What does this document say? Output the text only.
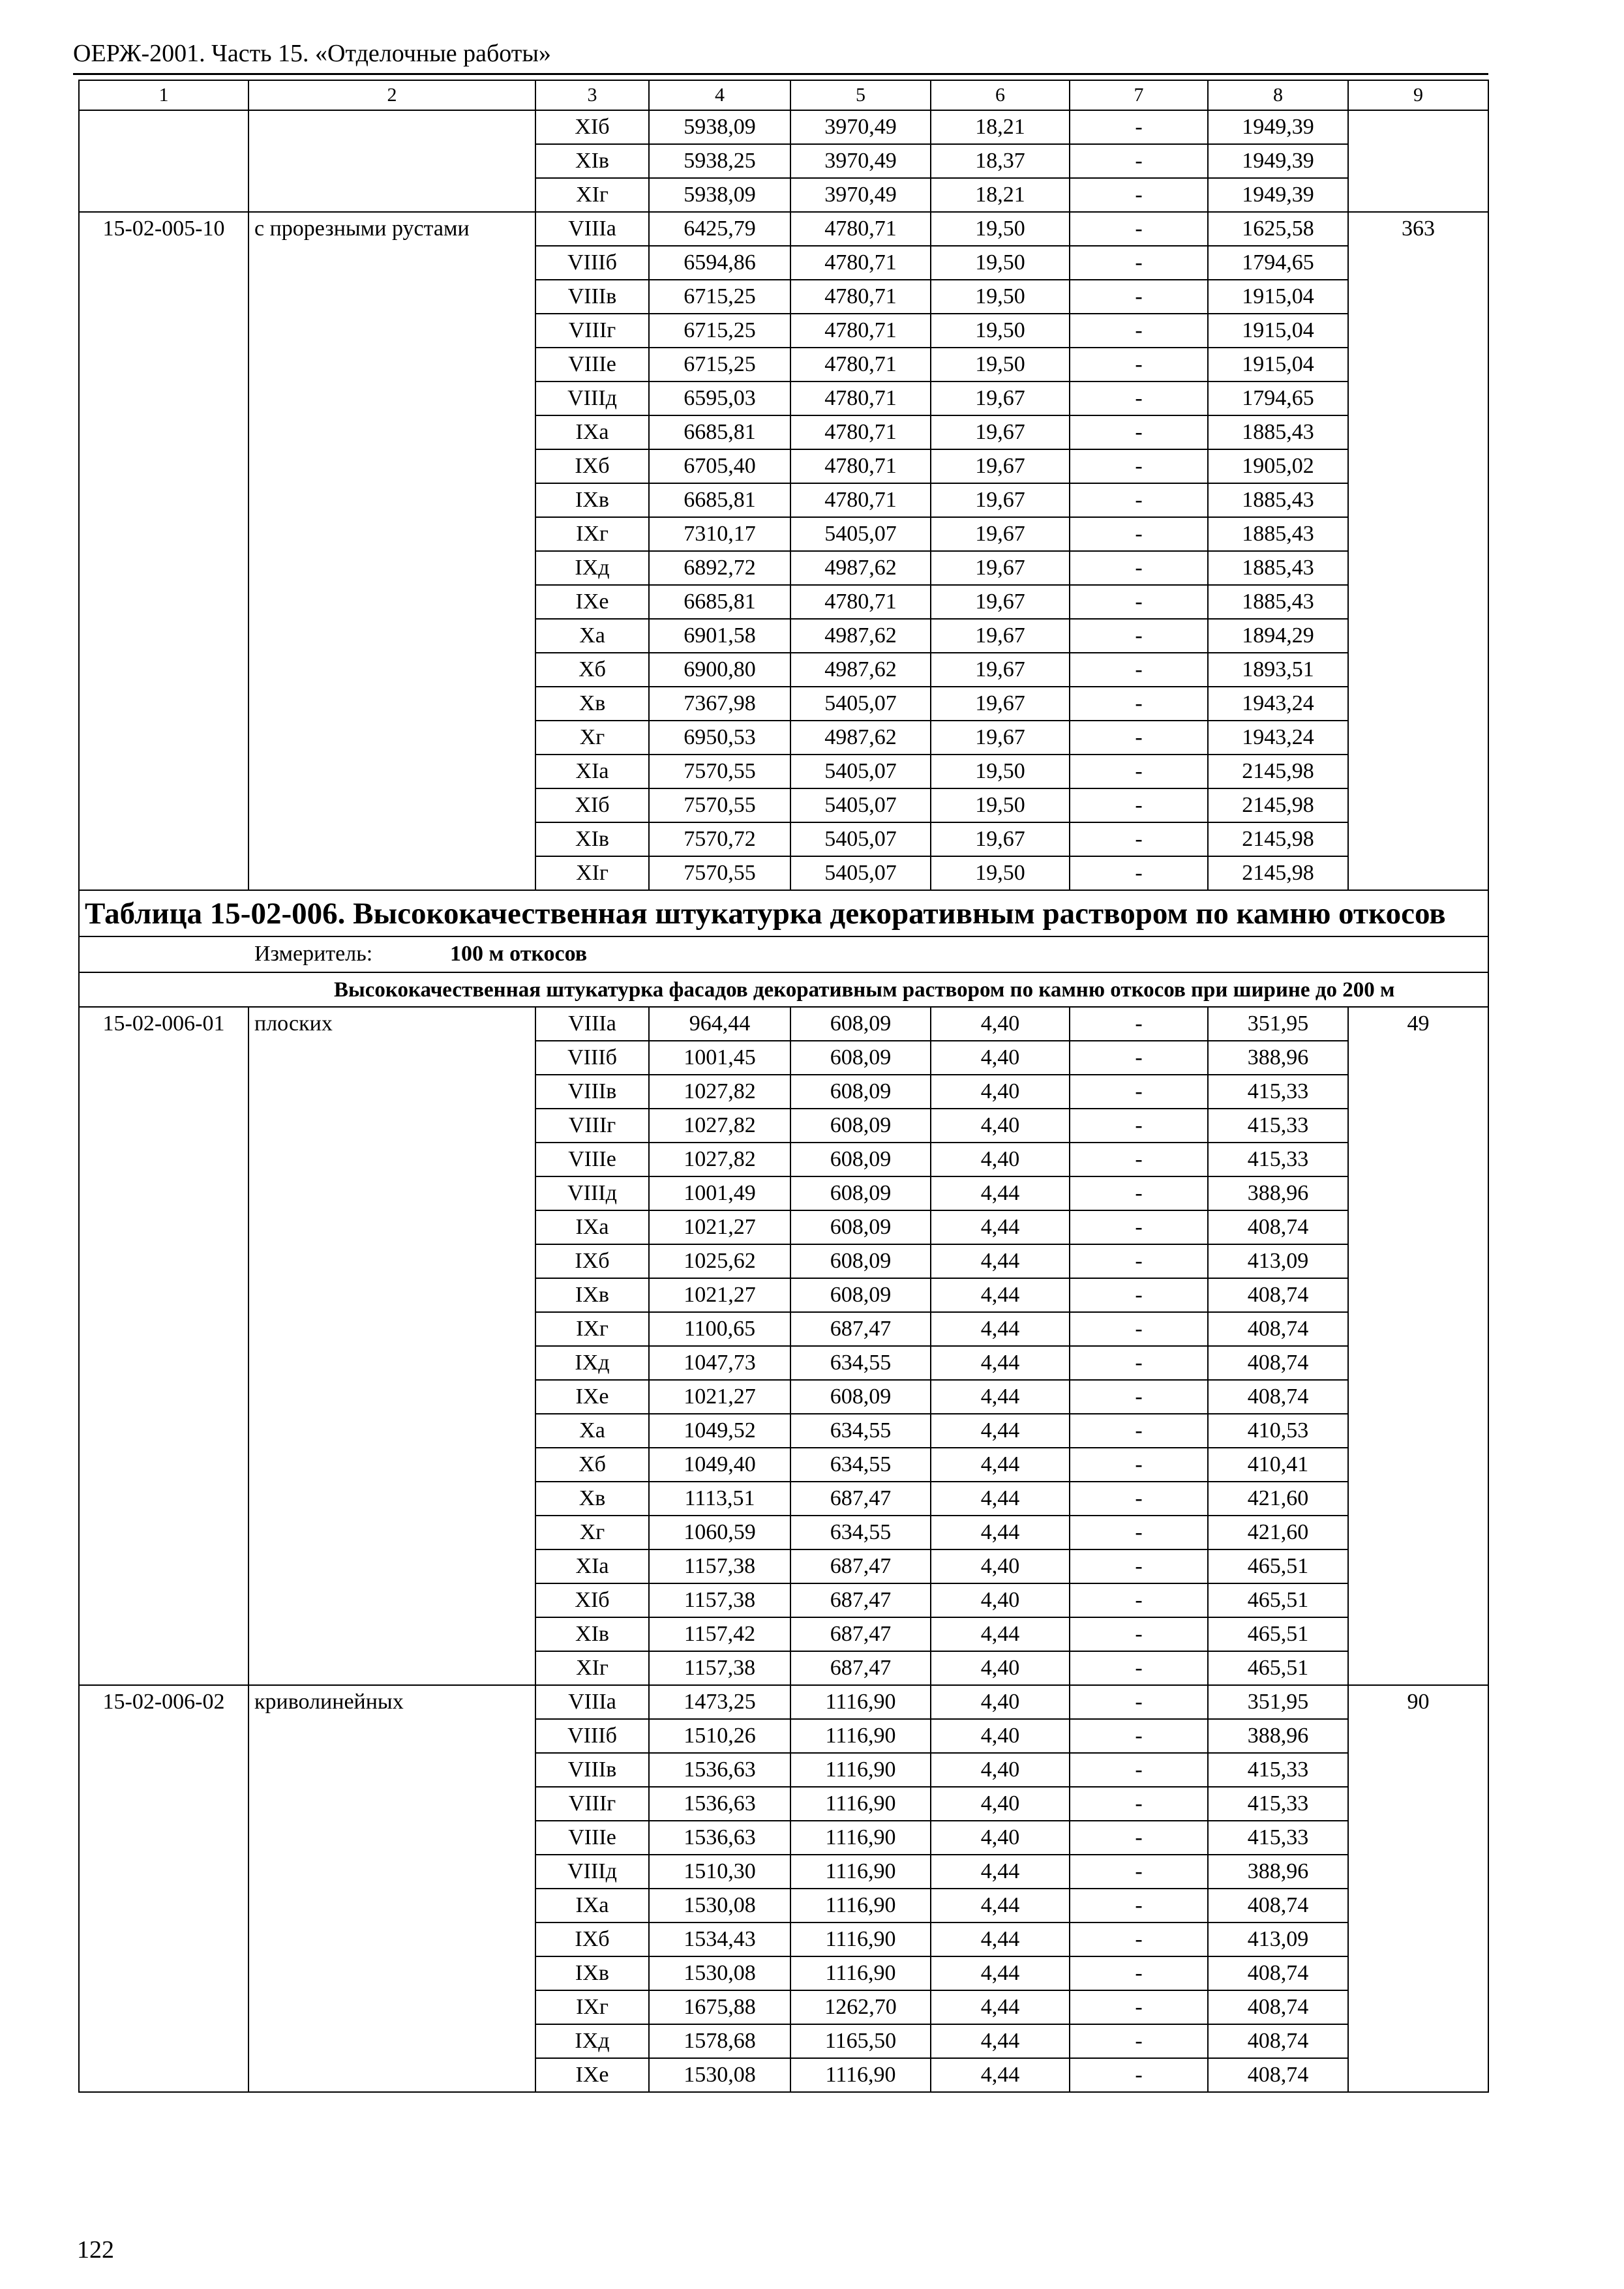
ОЕРЖ-2001. Часть 15. «Отделочные работы»
1	2	3	4	5	6	7	8	9
		XIб	5938,09	3970,49	18,21	-	1949,39	
		XIв	5938,25	3970,49	18,37	-	1949,39	
		XIг	5938,09	3970,49	18,21	-	1949,39	
15-02-005-10	с прорезными рустами	VIIIа	6425,79	4780,71	19,50	-	1625,58	363
		VIIIб	6594,86	4780,71	19,50	-	1794,65	
		VIIIв	6715,25	4780,71	19,50	-	1915,04	
		VIIIг	6715,25	4780,71	19,50	-	1915,04	
		VIIIе	6715,25	4780,71	19,50	-	1915,04	
		VIIIд	6595,03	4780,71	19,67	-	1794,65	
		IXа	6685,81	4780,71	19,67	-	1885,43	
		IXб	6705,40	4780,71	19,67	-	1905,02	
		IXв	6685,81	4780,71	19,67	-	1885,43	
		IXг	7310,17	5405,07	19,67	-	1885,43	
		IXд	6892,72	4987,62	19,67	-	1885,43	
		IXе	6685,81	4780,71	19,67	-	1885,43	
		Xа	6901,58	4987,62	19,67	-	1894,29	
		Xб	6900,80	4987,62	19,67	-	1893,51	
		Xв	7367,98	5405,07	19,67	-	1943,24	
		Xг	6950,53	4987,62	19,67	-	1943,24	
		XIа	7570,55	5405,07	19,50	-	2145,98	
		XIб	7570,55	5405,07	19,50	-	2145,98	
		XIв	7570,72	5405,07	19,67	-	2145,98	
		XIг	7570,55	5405,07	19,50	-	2145,98	
Таблица 15-02-006. Высококачественная штукатурка декоративным раствором по камню откосов								
Измеритель: 100 м откосов								
Высококачественная штукатурка фасадов декоративным раствором по камню откосов при ширине до 200 м								
15-02-006-01	плоских	VIIIа	964,44	608,09	4,40	-	351,95	49
		VIIIб	1001,45	608,09	4,40	-	388,96	
		VIIIв	1027,82	608,09	4,40	-	415,33	
		VIIIг	1027,82	608,09	4,40	-	415,33	
		VIIIе	1027,82	608,09	4,40	-	415,33	
		VIIIд	1001,49	608,09	4,44	-	388,96	
		IXа	1021,27	608,09	4,44	-	408,74	
		IXб	1025,62	608,09	4,44	-	413,09	
		IXв	1021,27	608,09	4,44	-	408,74	
		IXг	1100,65	687,47	4,44	-	408,74	
		IXд	1047,73	634,55	4,44	-	408,74	
		IXе	1021,27	608,09	4,44	-	408,74	
		Xа	1049,52	634,55	4,44	-	410,53	
		Xб	1049,40	634,55	4,44	-	410,41	
		Xв	1113,51	687,47	4,44	-	421,60	
		Xг	1060,59	634,55	4,44	-	421,60	
		XIа	1157,38	687,47	4,40	-	465,51	
		XIб	1157,38	687,47	4,40	-	465,51	
		XIв	1157,42	687,47	4,44	-	465,51	
		XIг	1157,38	687,47	4,40	-	465,51	
15-02-006-02	криволинейных	VIIIа	1473,25	1116,90	4,40	-	351,95	90
		VIIIб	1510,26	1116,90	4,40	-	388,96	
		VIIIв	1536,63	1116,90	4,40	-	415,33	
		VIIIг	1536,63	1116,90	4,40	-	415,33	
		VIIIе	1536,63	1116,90	4,40	-	415,33	
		VIIIд	1510,30	1116,90	4,44	-	388,96	
		IXа	1530,08	1116,90	4,44	-	408,74	
		IXб	1534,43	1116,90	4,44	-	413,09	
		IXв	1530,08	1116,90	4,44	-	408,74	
		IXг	1675,88	1262,70	4,44	-	408,74	
		IXд	1578,68	1165,50	4,44	-	408,74	
		IXе	1530,08	1116,90	4,44	-	408,74	
122
